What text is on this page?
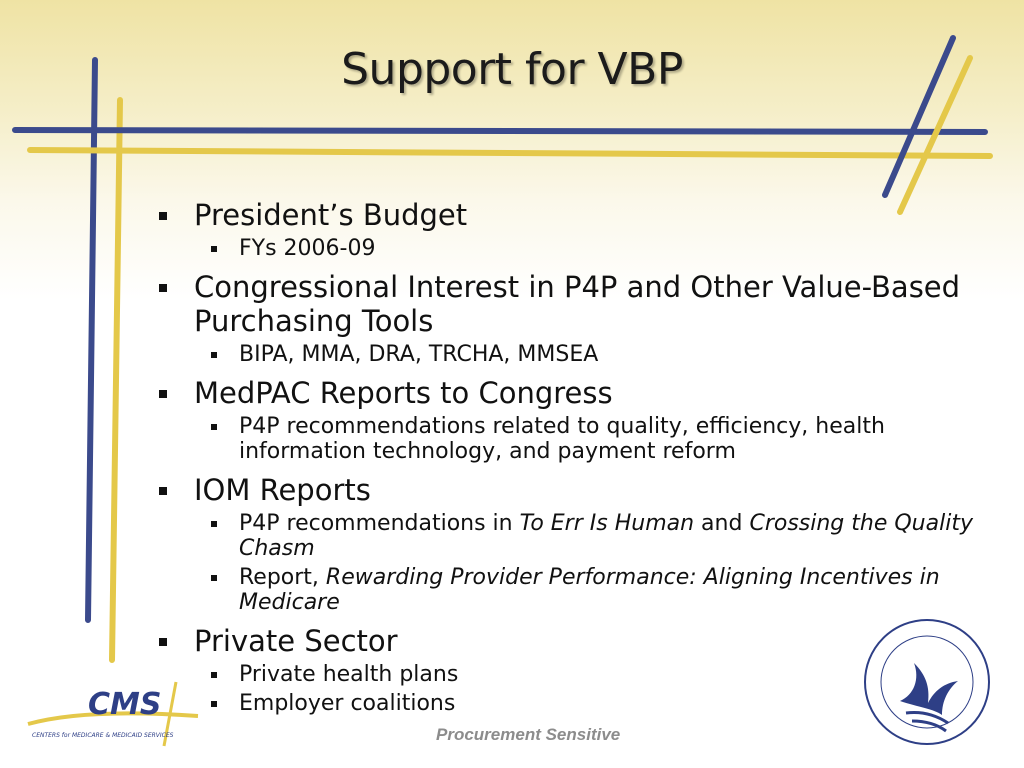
Support for VBP

President’s Budget

FYs 2006-09

Congressional Interest in P4P and Other Value-Based Purchasing Tools

BIPA, MMA, DRA, TRCHA, MMSEA

MedPAC Reports to Congress

P4P recommendations related to quality, efficiency, health information technology, and payment reform

IOM Reports

P4P recommendations in To Err Is Human and Crossing the Quality Chasm

Report, Rewarding Provider Performance: Aligning Incentives in Medicare

Private Sector

Private health plans

Employer coalitions

CMS
CENTERS for MEDICARE & MEDICAID SERVICES	Procurement Sensitive
